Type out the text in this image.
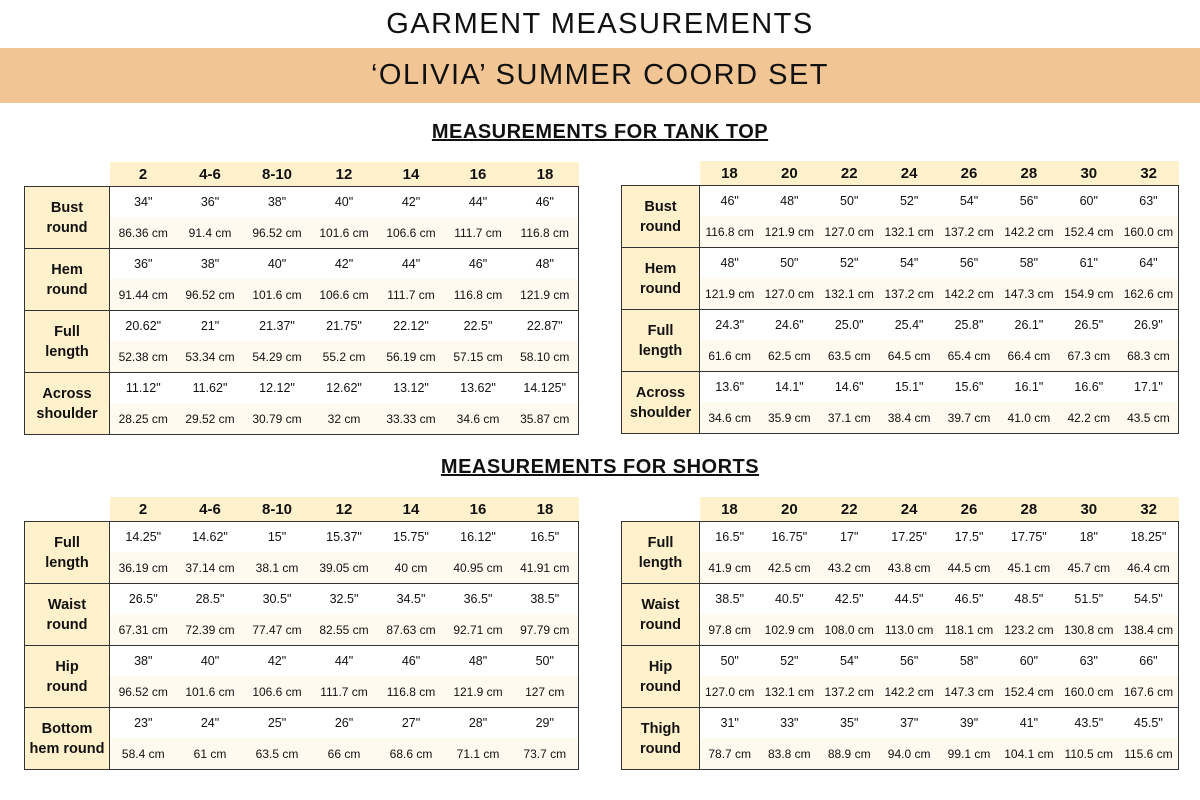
GARMENT MEASUREMENTS
‘OLIVIA’ SUMMER COORD SET
MEASUREMENTS FOR TANK TOP
MEASUREMENTS FOR SHORTS
	2	4-6	8-10	12	14	16	18

Bust
round	34"	36"	38"	40"	42"	44"	46"
	86.36 cm	91.4 cm	96.52 cm	101.6 cm	106.6 cm	111.7 cm	116.8 cm

Hem
round	36"	38"	40"	42"	44"	46"	48"
	91.44 cm	96.52 cm	101.6 cm	106.6 cm	111.7 cm	116.8 cm	121.9 cm

Full
length	20.62"	21"	21.37"	21.75"	22.12"	22.5"	22.87"
	52.38 cm	53.34 cm	54.29 cm	55.2 cm	56.19 cm	57.15 cm	58.10 cm

Across
shoulder	11.12"	11.62"	12.12"	12.62"	13.12"	13.62"	14.125"
	28.25 cm	29.52 cm	30.79 cm	32 cm	33.33 cm	34.6 cm	35.87 cm
	18	20	22	24	26	28	30	32

Bust
round	46"	48"	50"	52"	54"	56"	60"	63"
	116.8 cm	121.9 cm	127.0 cm	132.1 cm	137.2 cm	142.2 cm	152.4 cm	160.0 cm

Hem
round	48"	50"	52"	54"	56"	58"	61"	64"
	121.9 cm	127.0 cm	132.1 cm	137.2 cm	142.2 cm	147.3 cm	154.9 cm	162.6 cm

Full
length	24.3"	24.6"	25.0"	25.4"	25.8"	26.1"	26.5"	26.9"
	61.6 cm	62.5 cm	63.5 cm	64.5 cm	65.4 cm	66.4 cm	67.3 cm	68.3 cm

Across
shoulder	13.6"	14.1"	14.6"	15.1"	15.6"	16.1"	16.6"	17.1"
	34.6 cm	35.9 cm	37.1 cm	38.4 cm	39.7 cm	41.0 cm	42.2 cm	43.5 cm
	2	4-6	8-10	12	14	16	18

Full
length	14.25"	14.62"	15"	15.37"	15.75"	16.12"	16.5"
	36.19 cm	37.14 cm	38.1 cm	39.05 cm	40 cm	40.95 cm	41.91 cm

Waist
round	26.5"	28.5"	30.5"	32.5"	34.5"	36.5"	38.5"
	67.31 cm	72.39 cm	77.47 cm	82.55 cm	87.63 cm	92.71 cm	97.79 cm

Hip
round	38"	40"	42"	44"	46"	48"	50"
	96.52 cm	101.6 cm	106.6 cm	111.7 cm	116.8 cm	121.9 cm	127 cm

Bottom
hem round	23"	24"	25"	26"	27"	28"	29"
	58.4 cm	61 cm	63.5 cm	66 cm	68.6 cm	71.1 cm	73.7 cm
	18	20	22	24	26	28	30	32

Full
length	16.5"	16.75"	17"	17.25"	17.5"	17.75"	18"	18.25"
	41.9 cm	42.5 cm	43.2 cm	43.8 cm	44.5 cm	45.1 cm	45.7 cm	46.4 cm

Waist
round	38.5"	40.5"	42.5"	44.5"	46.5"	48.5"	51.5"	54.5"
	97.8 cm	102.9 cm	108.0 cm	113.0 cm	118.1 cm	123.2 cm	130.8 cm	138.4 cm

Hip
round	50"	52"	54"	56"	58"	60"	63"	66"
	127.0 cm	132.1 cm	137.2 cm	142.2 cm	147.3 cm	152.4 cm	160.0 cm	167.6 cm

Thigh
round	31"	33"	35"	37"	39"	41"	43.5"	45.5"
	78.7 cm	83.8 cm	88.9 cm	94.0 cm	99.1 cm	104.1 cm	110.5 cm	115.6 cm
